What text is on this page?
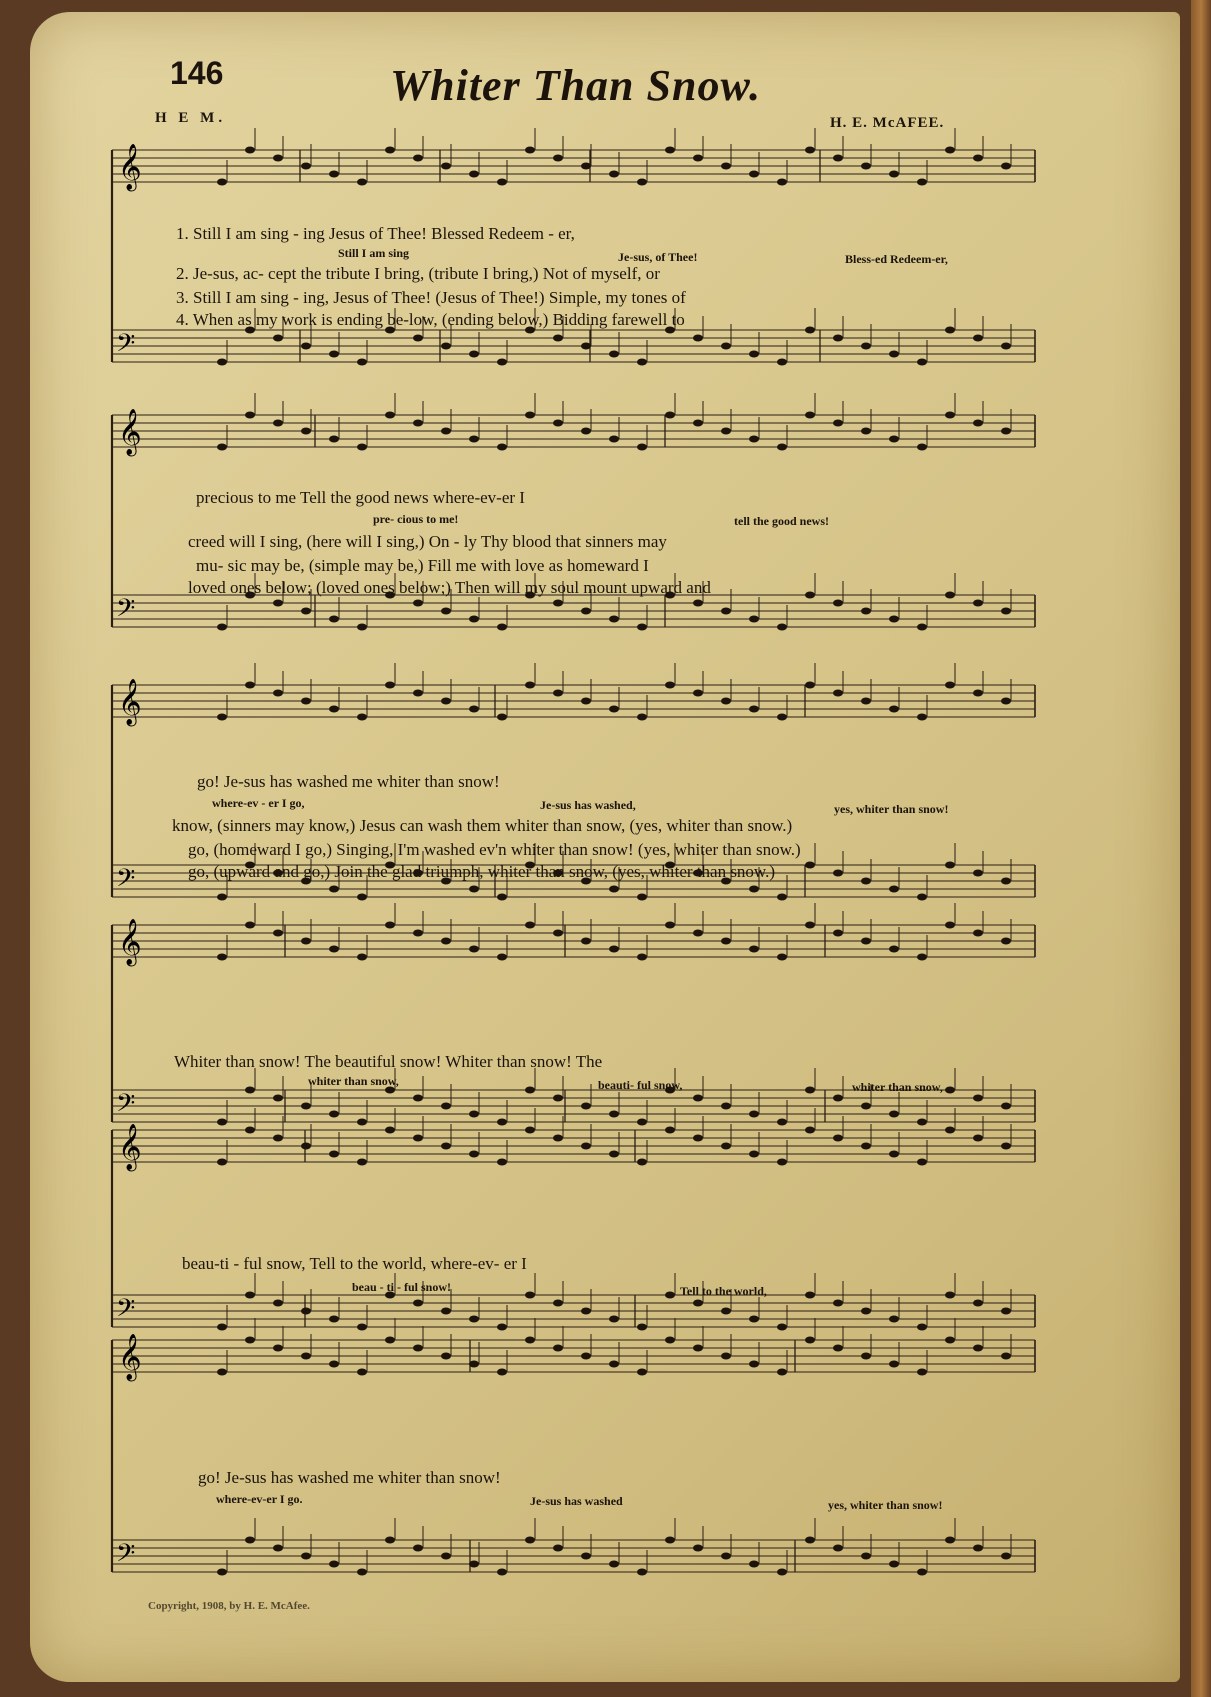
146	Whiter Than Snow.
H E M.	H. E. McAFEE.
𝄞
𝄢
𝄞
𝄢
𝄞
𝄢
𝄞
𝄢
𝄞
𝄢
𝄞
𝄢
1. Still I am sing - ing Jesus of Thee! Blessed Redeem - er,
Still I am sing	Je-sus, of Thee!	Bless-ed Redeem-er,
2. Je-sus, ac- cept the tribute I bring, (tribute I bring,) Not of myself, or
3. Still I am sing - ing, Jesus of Thee! (Jesus of Thee!) Simple, my tones of
4. When as my work is ending be-low, (ending below,) Bidding farewell to
precious to me Tell the good news where-ev-er I
pre- cious to me!	tell the good news!
creed will I sing, (here will I sing,) On - ly Thy blood that sinners may
mu- sic may be, (simple may be,) Fill me with love as homeward I
loved ones below; (loved ones below;) Then will my soul mount upward and
go! Je-sus has washed me whiter than snow!
where-ev - er I go,	Je-sus has washed,	yes, whiter than snow!
know, (sinners may know,) Jesus can wash them whiter than snow, (yes, whiter than snow.)
go, (homeward I go,) Singing, I'm washed ev'n whiter than snow! (yes, whiter than snow.)
go, (upward and go,) Join the glad triumph, whiter than snow, (yes, whiter than snow.)
Whiter than snow! The beautiful snow! Whiter than snow! The
whiter than snow,	beauti- ful snow,	whiter than snow,
beau-ti - ful snow, Tell to the world, where-ev- er I
beau - ti - ful snow!	Tell to the world,
go! Je-sus has washed me whiter than snow!
where-ev-er I go.	Je-sus has washed	yes, whiter than snow!
Copyright, 1908, by H. E. McAfee.
